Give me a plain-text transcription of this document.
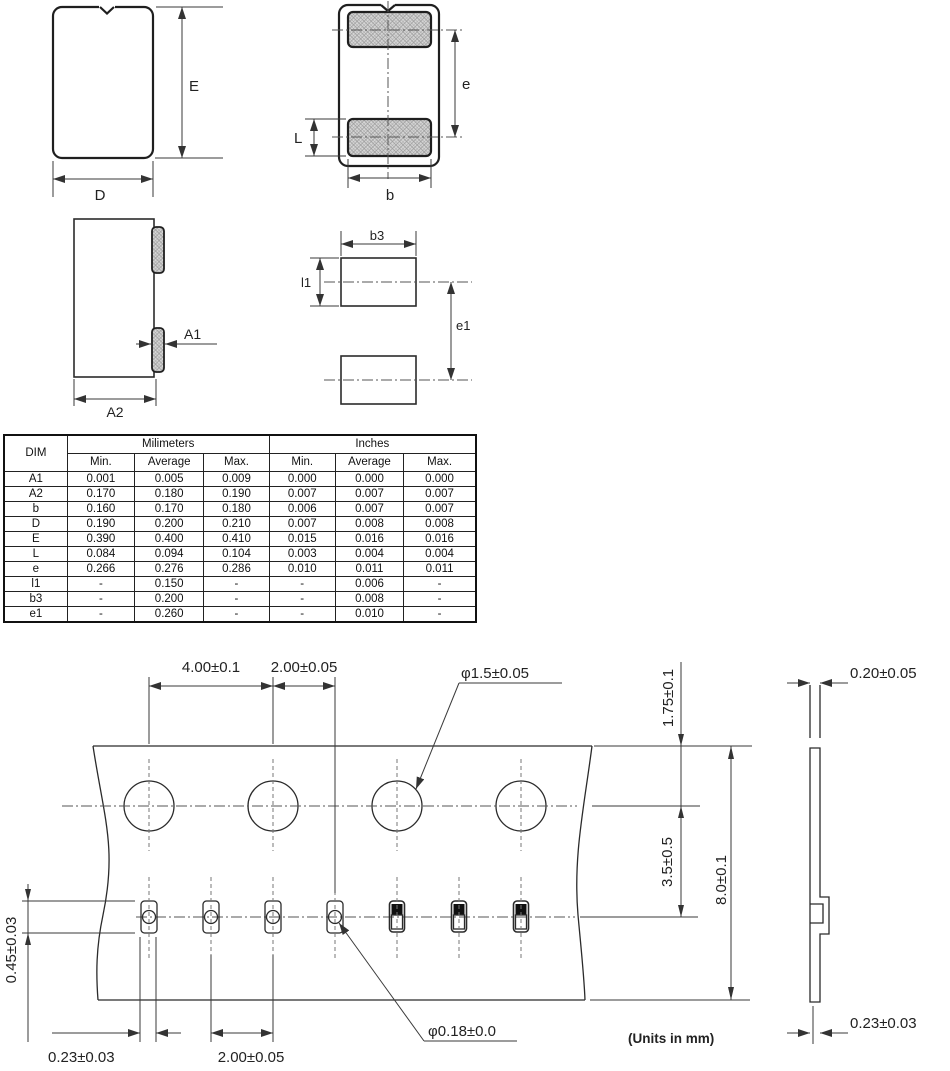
E
D
e
L
b
A1
A2
b3
l1
e1
4.00±0.1 2.00±0.05	φ1.5±0.05	1.75±0.1
3.5±0.5 8.0±0.1
0.45±0.03
0.23±0.03	2.00±0.05
φ0.18±0.0	(Units in mm)
0.20±0.05
0.23±0.03
DIM	Milimeters			Inches		
	Min.	Average	Max.	Min.	Average	Max.
A1	0.001	0.005	0.009	0.000	0.000	0.000
A2	0.170	0.180	0.190	0.007	0.007	0.007
b	0.160	0.170	0.180	0.006	0.007	0.007
D	0.190	0.200	0.210	0.007	0.008	0.008
E	0.390	0.400	0.410	0.015	0.016	0.016
L	0.084	0.094	0.104	0.003	0.004	0.004
e	0.266	0.276	0.286	0.010	0.011	0.011
l1	-	0.150	-	-	0.006	-
b3	-	0.200	-	-	0.008	-
e1	-	0.260	-	-	0.010	-
